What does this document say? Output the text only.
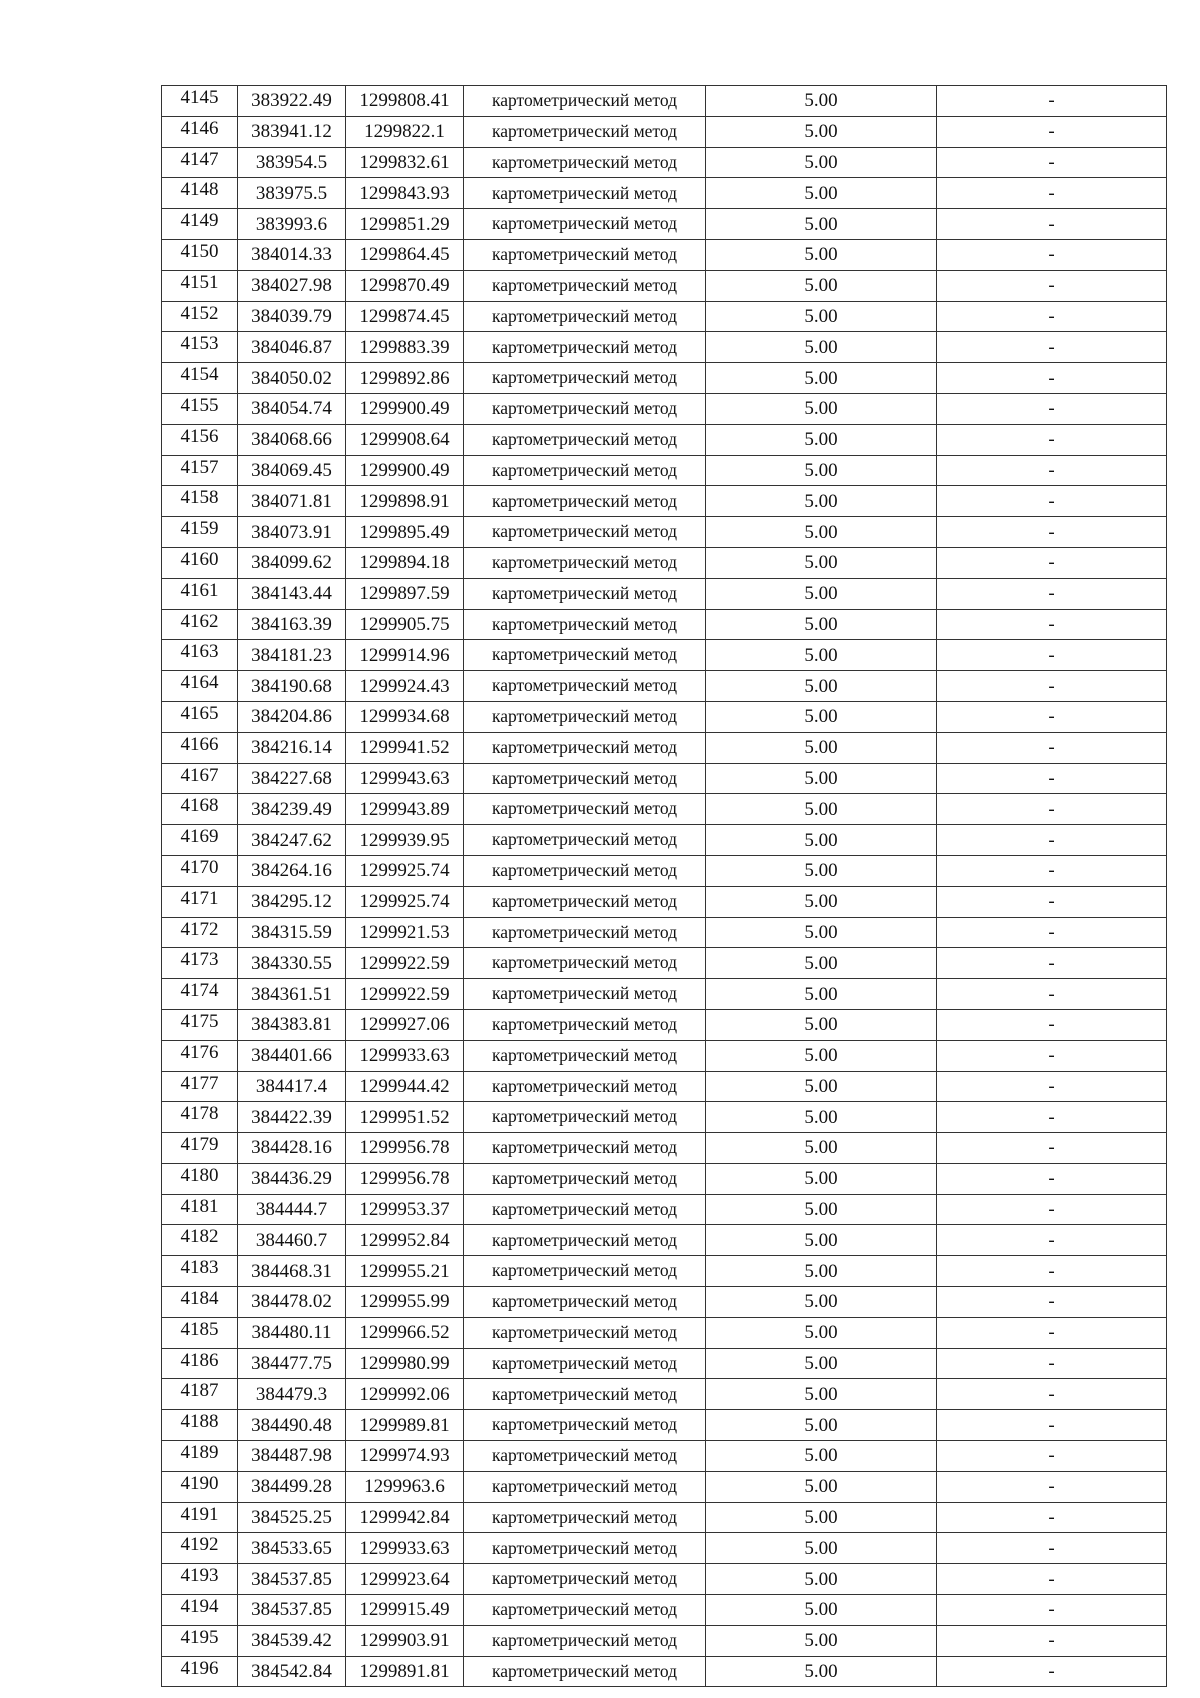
4145	383922.49	1299808.41	картометрический метод	5.00	-
4146	383941.12	1299822.1	картометрический метод	5.00	-
4147	383954.5	1299832.61	картометрический метод	5.00	-
4148	383975.5	1299843.93	картометрический метод	5.00	-
4149	383993.6	1299851.29	картометрический метод	5.00	-
4150	384014.33	1299864.45	картометрический метод	5.00	-
4151	384027.98	1299870.49	картометрический метод	5.00	-
4152	384039.79	1299874.45	картометрический метод	5.00	-
4153	384046.87	1299883.39	картометрический метод	5.00	-
4154	384050.02	1299892.86	картометрический метод	5.00	-
4155	384054.74	1299900.49	картометрический метод	5.00	-
4156	384068.66	1299908.64	картометрический метод	5.00	-
4157	384069.45	1299900.49	картометрический метод	5.00	-
4158	384071.81	1299898.91	картометрический метод	5.00	-
4159	384073.91	1299895.49	картометрический метод	5.00	-
4160	384099.62	1299894.18	картометрический метод	5.00	-
4161	384143.44	1299897.59	картометрический метод	5.00	-
4162	384163.39	1299905.75	картометрический метод	5.00	-
4163	384181.23	1299914.96	картометрический метод	5.00	-
4164	384190.68	1299924.43	картометрический метод	5.00	-
4165	384204.86	1299934.68	картометрический метод	5.00	-
4166	384216.14	1299941.52	картометрический метод	5.00	-
4167	384227.68	1299943.63	картометрический метод	5.00	-
4168	384239.49	1299943.89	картометрический метод	5.00	-
4169	384247.62	1299939.95	картометрический метод	5.00	-
4170	384264.16	1299925.74	картометрический метод	5.00	-
4171	384295.12	1299925.74	картометрический метод	5.00	-
4172	384315.59	1299921.53	картометрический метод	5.00	-
4173	384330.55	1299922.59	картометрический метод	5.00	-
4174	384361.51	1299922.59	картометрический метод	5.00	-
4175	384383.81	1299927.06	картометрический метод	5.00	-
4176	384401.66	1299933.63	картометрический метод	5.00	-
4177	384417.4	1299944.42	картометрический метод	5.00	-
4178	384422.39	1299951.52	картометрический метод	5.00	-
4179	384428.16	1299956.78	картометрический метод	5.00	-
4180	384436.29	1299956.78	картометрический метод	5.00	-
4181	384444.7	1299953.37	картометрический метод	5.00	-
4182	384460.7	1299952.84	картометрический метод	5.00	-
4183	384468.31	1299955.21	картометрический метод	5.00	-
4184	384478.02	1299955.99	картометрический метод	5.00	-
4185	384480.11	1299966.52	картометрический метод	5.00	-
4186	384477.75	1299980.99	картометрический метод	5.00	-
4187	384479.3	1299992.06	картометрический метод	5.00	-
4188	384490.48	1299989.81	картометрический метод	5.00	-
4189	384487.98	1299974.93	картометрический метод	5.00	-
4190	384499.28	1299963.6	картометрический метод	5.00	-
4191	384525.25	1299942.84	картометрический метод	5.00	-
4192	384533.65	1299933.63	картометрический метод	5.00	-
4193	384537.85	1299923.64	картометрический метод	5.00	-
4194	384537.85	1299915.49	картометрический метод	5.00	-
4195	384539.42	1299903.91	картометрический метод	5.00	-
4196	384542.84	1299891.81	картометрический метод	5.00	-
